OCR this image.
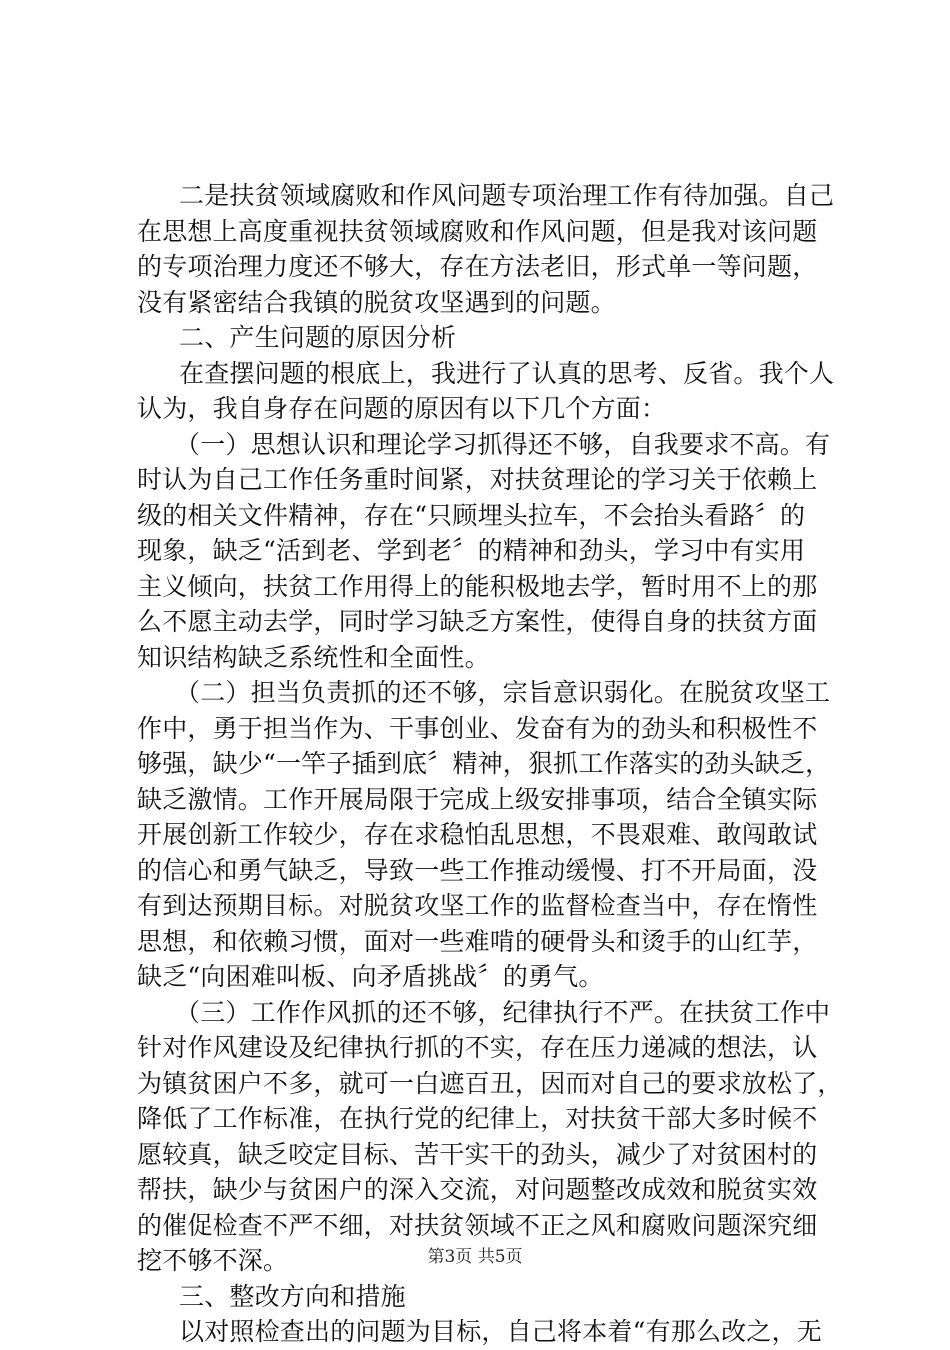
二是扶贫领域腐败和作风问题专项治理工作有待加强。自己
在思想上高度重视扶贫领域腐败和作风问题，但是我对该问题
的专项治理力度还不够大，存在方法老旧，形式单一等问题，
没有紧密结合我镇的脱贫攻坚遇到的问题。
二、产生问题的原因分析
在查摆问题的根底上，我进行了认真的思考、反省。我个人
认为，我自身存在问题的原因有以下几个方面：
（一）思想认识和理论学习抓得还不够，自我要求不高。有
时认为自己工作任务重时间紧，对扶贫理论的学习关于依赖上
级的相关文件精神，存在“只顾埋头拉车，不会抬头看路〞的
现象，缺乏“活到老、学到老〞的精神和劲头，学习中有实用
主义倾向，扶贫工作用得上的能积极地去学，暂时用不上的那
么不愿主动去学，同时学习缺乏方案性，使得自身的扶贫方面
知识结构缺乏系统性和全面性。
（二）担当负责抓的还不够，宗旨意识弱化。在脱贫攻坚工
作中，勇于担当作为、干事创业、发奋有为的劲头和积极性不
够强，缺少“一竿子插到底〞精神，狠抓工作落实的劲头缺乏，
缺乏激情。工作开展局限于完成上级安排事项，结合全镇实际
开展创新工作较少，存在求稳怕乱思想，不畏艰难、敢闯敢试
的信心和勇气缺乏，导致一些工作推动缓慢、打不开局面，没
有到达预期目标。对脱贫攻坚工作的监督检查当中，存在惰性
思想，和依赖习惯，面对一些难啃的硬骨头和烫手的山红芋，
缺乏“向困难叫板、向矛盾挑战〞的勇气。
（三）工作作风抓的还不够，纪律执行不严。在扶贫工作中
针对作风建设及纪律执行抓的不实，存在压力递减的想法，认
为镇贫困户不多，就可一白遮百丑，因而对自己的要求放松了，
降低了工作标准，在执行党的纪律上，对扶贫干部大多时候不
愿较真，缺乏咬定目标、苦干实干的劲头，减少了对贫困村的
帮扶，缺少与贫困户的深入交流，对问题整改成效和脱贫实效
的催促检查不严不细，对扶贫领域不正之风和腐败问题深究细
挖不够不深。
三、整改方向和措施
以对照检查出的问题为目标，自己将本着“有那么改之，无
第3页 共5页
